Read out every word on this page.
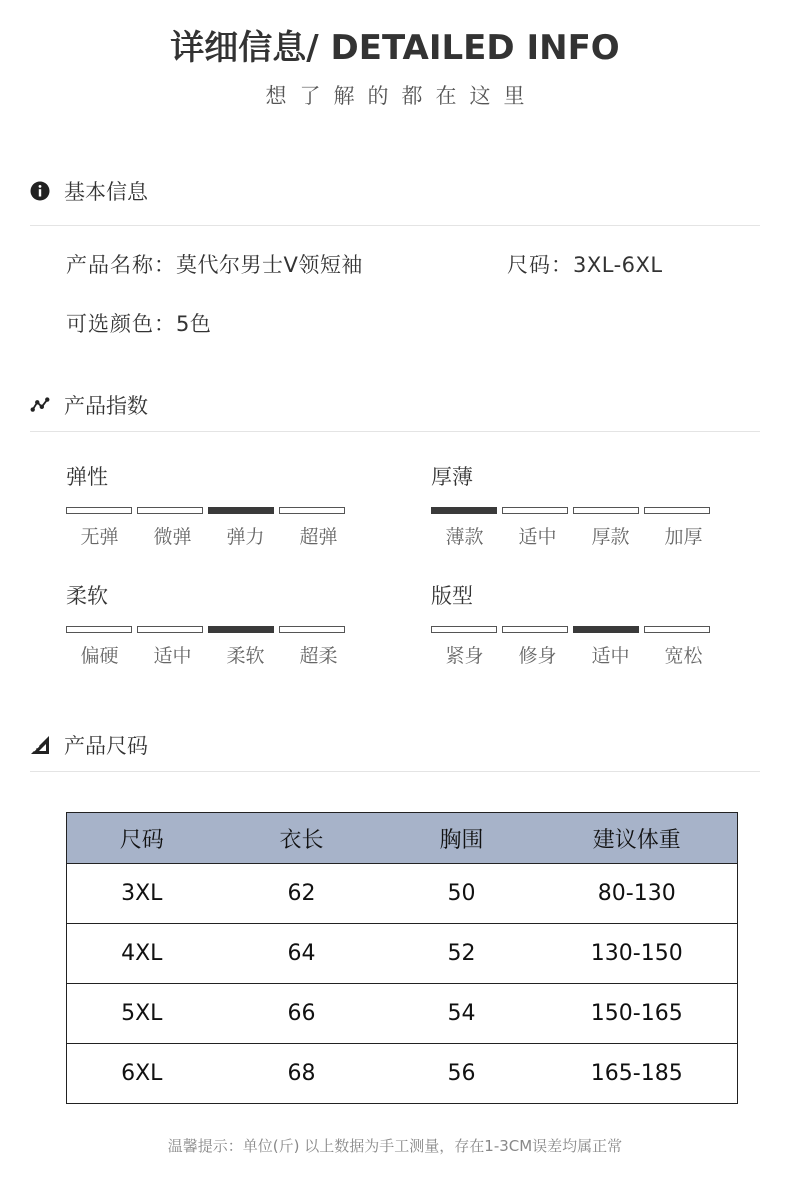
详细信息/ DETAILED INFO
想了解的都在这里
基本信息
产品名称：莫代尔男士V领短袖	尺码：3XL-6XL
可选颜色：5色
产品指数
弹性
无弹	微弹	弹力	超弹
厚薄
薄款	适中	厚款	加厚
柔软
偏硬	适中	柔软	超柔
版型
紧身	修身	适中	宽松
产品尺码
尺码	衣长	胸围	建议体重
3XL	62	50	80-130
4XL	64	52	130-150
5XL	66	54	150-165
6XL	68	56	165-185
温馨提示：单位(斤) 以上数据为手工测量，存在1-3CM误差均属正常
